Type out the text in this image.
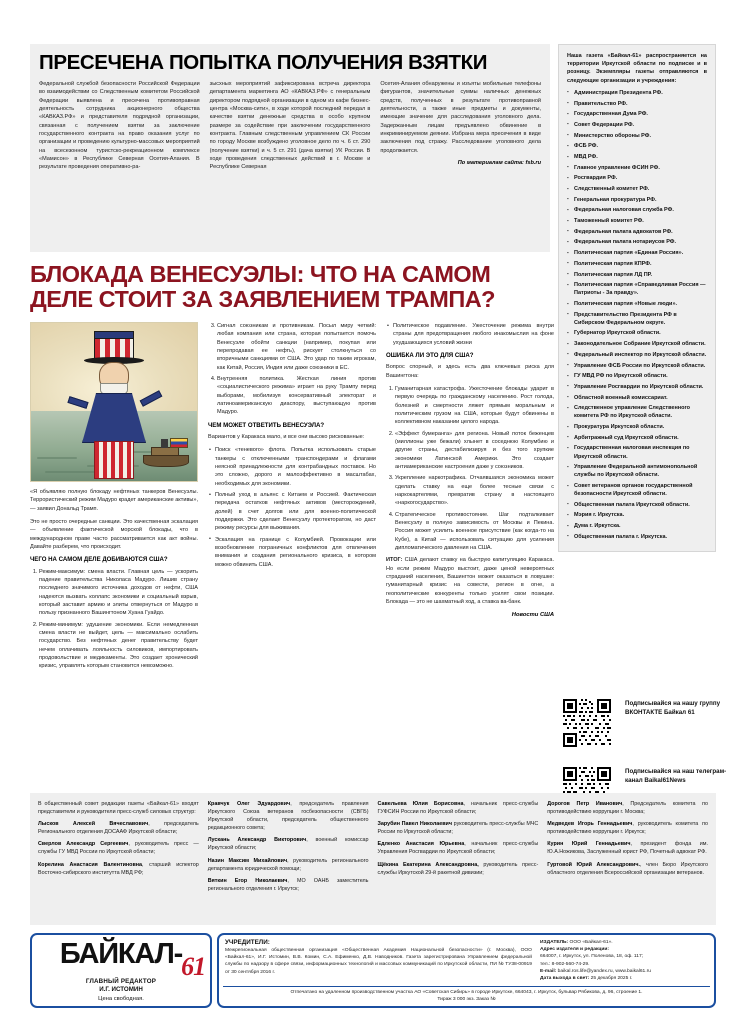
ПРЕСЕЧЕНА ПОПЫТКА ПОЛУЧЕНИЯ ВЗЯТКИ

Федеральной службой безопасности Российской Федерации во взаимодействии со Следственным комитетом Российской Федерации выявлена и пресечена противоправная деятельность сотрудника акционерного общества «КАВКАЗ.РФ» и представителя подрядной организации, связанная с получением взятки за заключение государственного контракта на право оказания услуг по организации и проведению культурно-массовых мероприятий на всесезонном туристско-рекреационном комплексе «Мамисон» в Республике Северная Осетия-Алания. В результате проведения оперативно-ра-

зысхных мероприятий зафиксирована встреча директора департамента маркетинга АО «КАВКАЗ.РФ» с генеральным директором подрядной организации в одном из кафе бизнес-центра «Москва-сити», в ходе которой последний передал в качестве взятки денежные средства в особо крупном размере за содействие при заключении государственного контракта. Главным следственным управлением СК России по городу Москве возбуждено уголовное дело по ч. 6 ст. 290 (получение взятки) и ч. 5 ст. 291 (дача взятки) УК России. В ходе проведения следственных действий в г. Москве и Республике Северная

Осетия-Алания обнаружены и изъяты мобильные телефоны фигурантов, значительные суммы наличных денежных средств, полученных в результате противоправной деятельности, а также иные предметы и документы, имеющие значение для расследования уголовного дела. Задержанным лицам предъявлено обвинение в инкриминируемом деянии. Избрана мера пресечения в виде заключения под стражу. Расследование уголовного дела продолжается.

По материалам сайта: fsb.ru
БЛОКАДА ВЕНЕСУЭЛЫ: ЧТО НА САМОМ ДЕЛЕ СТОИТ ЗА ЗАЯВЛЕНИЕМ ТРАМПА?

«Я объявляю полную блокаду нефтяных танкеров Венесуэлы. Террористический режим Мадуро крадет американские активы», — заявил Дональд Трамп.

Это не просто очередные санкции. Это качественная эскалация — объявление фактической морской блокады, что в международном праве часто рассматривается как акт войны. Давайте разберем, что происходит.

ЧЕГО НА САМОМ ДЕЛЕ ДОБИВАЮТСЯ США?
1. Режим-максимум: смена власти. Главная цель — ускорить падение правительства Николаса Мадуро. Лишив страну последнего значимого источника доходов от нефти, США надеются вызвать коллапс экономики и социальный взрыв, который заставит армию и элиты отвернуться от Мадуро в пользу признанного Вашингтоном Хуана Гуайдо.
2. Режим-минимум: удушение экономики. Если немедленная смена власти не выйдет, цель — максимально ослабить государство. Без нефтяных денег правительству будет нечем оплачивать лояльность силовиков, импортировать продовольствие и медикаменты. Это создает хронический кризис, управлять которым становится невозможно.
3. Сигнал союзникам и противникам. Посыл миру четкий: любая компания или страна, которая попытается помочь Венесуэле обойти санкции (например, покупая или перепродавая ее нефть), рискует столкнуться со вторичными санкциями от США. Это удар по таким игрокам, как Китай, Россия, Индия или даже союзники в ЕС.
4. Внутренняя политика. Жесткая линия против «социалистического режима» играет на руку Трампу перед выборами, мобилизуя консервативный электорат и латиноамериканскую диаспору, выступающую против Мадуро.
ЧЕМ МОЖЕТ ОТВЕТИТЬ ВЕНЕСУЭЛА?

Вариантов у Каракаса мало, и все они высоко рискованные:

• Поиск «теневого» флота. Попытка использовать старые танкеры с отключенными транспондерами и флагами неясной принадлежности для контрабандных поставок. Но это сложно, дорого и малоэффективно в масштабах, необходимых для экономики.
• Полный уход в альянс с Китаем и Россией. Фактическая передача остатков нефтяных активов (месторождений, долей) в счет долгов или для военно-политической поддержки. Это сделает Венесуэлу протекторатом, но даст режиму ресурсы для выживания.
• Эскалация на границе с Колумбией. Провокации или возобновление пограничных конфликтов для отвлечения внимания и создания регионального кризиса, в котором можно обвинить США.
• Политическое подавление. Ужесточение режима внутри страны для предотвращения любого инакомыслия на фоне ухудшающихся условий жизни
ОШИБКА ЛИ ЭТО ДЛЯ США?

Вопрос спорный, и здесь есть два ключевых риска для Вашингтона:

1. Гуманитарная катастрофа. Ужесточение блокады ударит в первую очередь по гражданскому населению. Рост голода, болезней и смертности ляжет прямым моральным и политическим грузом на США, которые будут обвинены в коллективном наказании целого народа.
2. «Эффект бумеранга» для региона. Новый поток беженцев (миллионы уже бежали) хлынет в соседнюю Колумбию и другие страны, дестабилизируя и без того хрупкие экономики Латинской Америки. Это создает антиамериканские настроения даже у союзников.
3. Укрепление наркотрафика. Отчаявшаяся экономика может сделать ставку на еще более тесные связи с наркокартелями, превратив страну в настоящего «наркогосударство».
4. Стратегическое противостояние. Шаг подталкивает Венесуэлу в полную зависимость от Москвы и Пекина. Россия может усилить военное присутствие (как когда-то на Кубе), а Китай — использовать ситуацию для усиления дипломатического давления на США.

ИТОГ: США делают ставку на быструю капитуляцию Каракаса. Но если режим Мадуро выстоит, даже ценой невероятных страданий населения, Вашингтон может оказаться в ловушке: гуманитарный кризис на совести, регион в огне, а геополитические конкуренты только усилят свои позиции. Блокада — это не шахматный ход, а ставка ва-банк.

Новости США

Наша газета «Байкал-61» распространяется на территории Иркутской области по подписке и в розницу. Экземпляры газеты отправляются в следующие организации и учреждения:

▪ Администрация Президента РФ.
▪ Правительство РФ.
▪ Государственная Дума РФ.
▪ Совет Федерации РФ.
▪ Министерство обороны РФ.
▪ ФСБ РФ.
▪ МВД РФ.
▪ Главное управление ФСИН РФ.
▪ Росгвардия РФ.
▪ Следственный комитет РФ.
▪ Генеральная прокуратура РФ.
▪ Федеральная налоговая служба РФ.
▪ Таможенный комитет РФ.
▪ Федеральная палата адвокатов РФ.
▪ Федеральная палата нотариусов РФ.
▪ Политическая партия «Единая Россия».
▪ Политическая партия КПРФ.
▪ Политическая партия ЛД ПР.
▪ Политическая партия «Справедливая Россия — Патриоты - За правду».
▪ Политическая партия «Новые люди».
▪ Представительство Президента РФ в Сибирском Федеральном округе.
▪ Губернатор Иркутской области.
▪ Законодательное Собрание Иркутской области.
▪ Федеральный инспектор по Иркутской области.
▪ Управление ФСБ России по Иркутской области.
▪ ГУ МВД РФ по Иркутской области.
▪ Управление Росгвардии по Иркутской области.
▪ Областной военный комиссариат.
▪ Следственное управление Следственного комитета РФ по Иркутской области.
▪ Прокуратура Иркутской области.
▪ Арбитражный суд Иркутской области.
▪ Государственная налоговая инспекция по Иркутской области.
▪ Управление Федеральной антимонопольной службы по Иркутской области.
▪ Совет ветеранов органов государственной безопасности Иркутской области.
▪ Общественная палата Иркутской области.
▪ Мэрия г. Иркутска.
▪ Дума г. Иркутска.
▪ Общественная палата г. Иркутска.
Подписывайся на нашу группу ВКОНТАКТЕ Байкал 61
Подписывайся на наш телеграм-канал Baikal61News

В общественный совет редакции газеты «Байкал-61» входят представители и руководители пресс-служб силовых структур:

Лысков Алексей Вячеславович, председатель Регионального отделения ДОСААФ Иркутской области;

Сверлов Александр Сергеевич, руководитель пресс — службы ГУ МВД России по Иркутской области;

Корелина Анастасия Валентиновна, старший испектор Восточно-сибирского институтта МВД РФ;

Кравчук Олег Эдуардович, председатель правления Иркутского Союза ветеранов госбезопасности (СВГБ) Иркутской области, председатель общественного редакционного совета;

Лускань Александр Викторович, военный комиссар Иркутской области;

Назин Максим Михайлович, руководитель регионального департамента юридической помощи;

Вяткин Егор Николаевич, МО ОАНБ заместитель регионального отделения г. Иркутск;

Савельева Юлия Борисовна, начальник пресс-службы ГУФСИН России по Иркутской области;

Зарубин Павел Николаевич руководитель пресс-службы МЧС России по Иркутской области;

Едленко Анастасия Юрьевна, начальник пресс-службы Управления Росгвардии по Иркутской области;

Щёкина Екатерина Александровна, руководитель пресс-службы Иркутской 29-й ракетной дивизии;

Дорогов Петр Иванович, Председатель комитета по противодействию коррупции г. Москва;

Медведев Игорь Геннадьевич, руководитель комитета по противодействию коррупции г. Иркутск;

Курин Юрий Геннадьевич, президент фонда им. Ю.А.Ножикова, Заслуженный юрист РФ, Почетный адвокат РФ.

Гуртовой Юрий Александрович., член Бюро Иркутского областного отделения Всероссийской организации ветеранов.

БАЙКАЛ- 61
ГЛАВНЫЙ РЕДАКТОР
И.Г. ИСТОМИН
Цена свободная.
УЧРЕДИТЕЛИ:

Межрегиональная общественная организация «Общественная Академия Национальной безопасности» (г. Москва), ООО «Байкал-61», И.Г. Истомин, В.В. Комин, С.А. Ефименко, Д.В. Наводников. Газета зарегистрирована Управлением федеральной службы по надзору в сфере связи, информационных технологий и массовых коммуникаций по Иркутской области, ПИ № ТУ38-00919 от 30 сентября 2016 г.

ИЗДАТЕЛЬ: ООО «Байкал-61».

Адрес издателя и редакции:

664007, г. Иркутск, ул. Поленова, 18, оф. 117;

тел.: 8-902-560-74-29.

E-mail: baikal.ros.life@yandex.ru, www.baikal61.ru

Дата выхода в свет: 25 декабря 2025 г.

Отпечатано на удаленном производственном участка АО «Советская Сибирь» в городе Иркутске, 664043, г. Иркутск, бульвар Рябикова, д. 96, строение 1.

Тираж 3 000 экз. Заказ №
